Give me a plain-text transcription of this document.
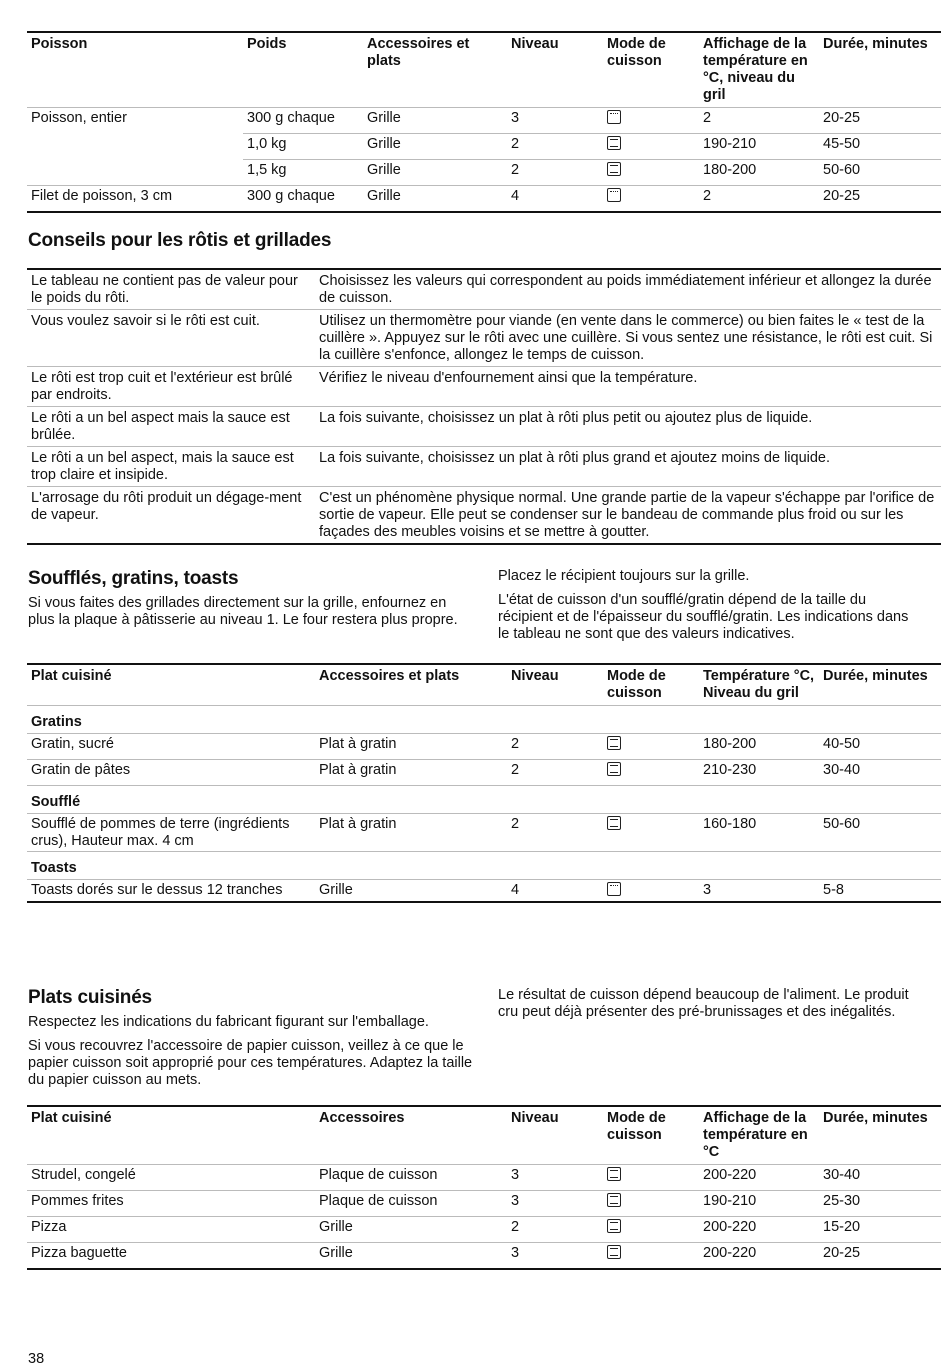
Poisson	Poids	Accessoires et plats	Niveau	Mode de cuisson	Affichage de la température en °C, niveau du gril	Durée, minutes
Poisson, entier	300 g chaque	Grille	3		2	20-25
	1,0 kg	Grille	2		190-210	45-50
	1,5 kg	Grille	2		180-200	50-60
Filet de poisson, 3 cm	300 g chaque	Grille	4		2	20-25
Conseils pour les rôtis et grillades
Le tableau ne contient pas de valeur pour le poids du rôti.	Choisissez les valeurs qui correspondent au poids immédiatement inférieur et allongez la durée de cuisson.
Vous voulez savoir si le rôti est cuit.	Utilisez un thermomètre pour viande (en vente dans le commerce) ou bien faites le « test de la cuillère ». Appuyez sur le rôti avec une cuillère. Si vous sentez une résistance, le rôti est cuit. Si la cuillère s'enfonce, allongez le temps de cuisson.
Le rôti est trop cuit et l'extérieur est brûlé par endroits.	Vérifiez le niveau d'enfournement ainsi que la température.
Le rôti a un bel aspect mais la sauce est brûlée.	La fois suivante, choisissez un plat à rôti plus petit ou ajoutez plus de liquide.
Le rôti a un bel aspect, mais la sauce est trop claire et insipide.	La fois suivante, choisissez un plat à rôti plus grand et ajoutez moins de liquide.
L'arrosage du rôti produit un dégage-ment de vapeur.	C'est un phénomène physique normal. Une grande partie de la vapeur s'échappe par l'orifice de sortie de vapeur. Elle peut se condenser sur le bandeau de commande plus froid ou sur les façades des meubles voisins et se mettre à goutter.
Soufflés, gratins, toasts

Si vous faites des grillades directement sur la grille, enfournez en plus la plaque à pâtisserie au niveau 1. Le four restera plus propre.

Placez le récipient toujours sur la grille.

L'état de cuisson d'un soufflé/gratin dépend de la taille du récipient et de l'épaisseur du soufflé/gratin. Les indications dans le tableau ne sont que des valeurs indicatives.

Plat cuisiné	Accessoires et plats	Niveau	Mode de cuisson	Température °C, Niveau du gril	Durée, minutes
Gratins					
Gratin, sucré	Plat à gratin	2		180-200	40-50
Gratin de pâtes	Plat à gratin	2		210-230	30-40
Soufflé					
Soufflé de pommes de terre (ingrédients crus), Hauteur max. 4 cm	Plat à gratin	2		160-180	50-60
Toasts					
Toasts dorés sur le dessus 12 tranches	Grille	4		3	5-8
Plats cuisinés

Respectez les indications du fabricant figurant sur l'emballage.

Si vous recouvrez l'accessoire de papier cuisson, veillez à ce que le papier cuisson soit approprié pour ces températures. Adaptez la taille du papier cuisson au mets.

Le résultat de cuisson dépend beaucoup de l'aliment. Le produit cru peut déjà présenter des pré-brunissages et des inégalités.

Plat cuisiné	Accessoires	Niveau	Mode de cuisson	Affichage de la température en °C	Durée, minutes
Strudel, congelé	Plaque de cuisson	3		200-220	30-40
Pommes frites	Plaque de cuisson	3		190-210	25-30
Pizza	Grille	2		200-220	15-20
Pizza baguette	Grille	3		200-220	20-25
38
